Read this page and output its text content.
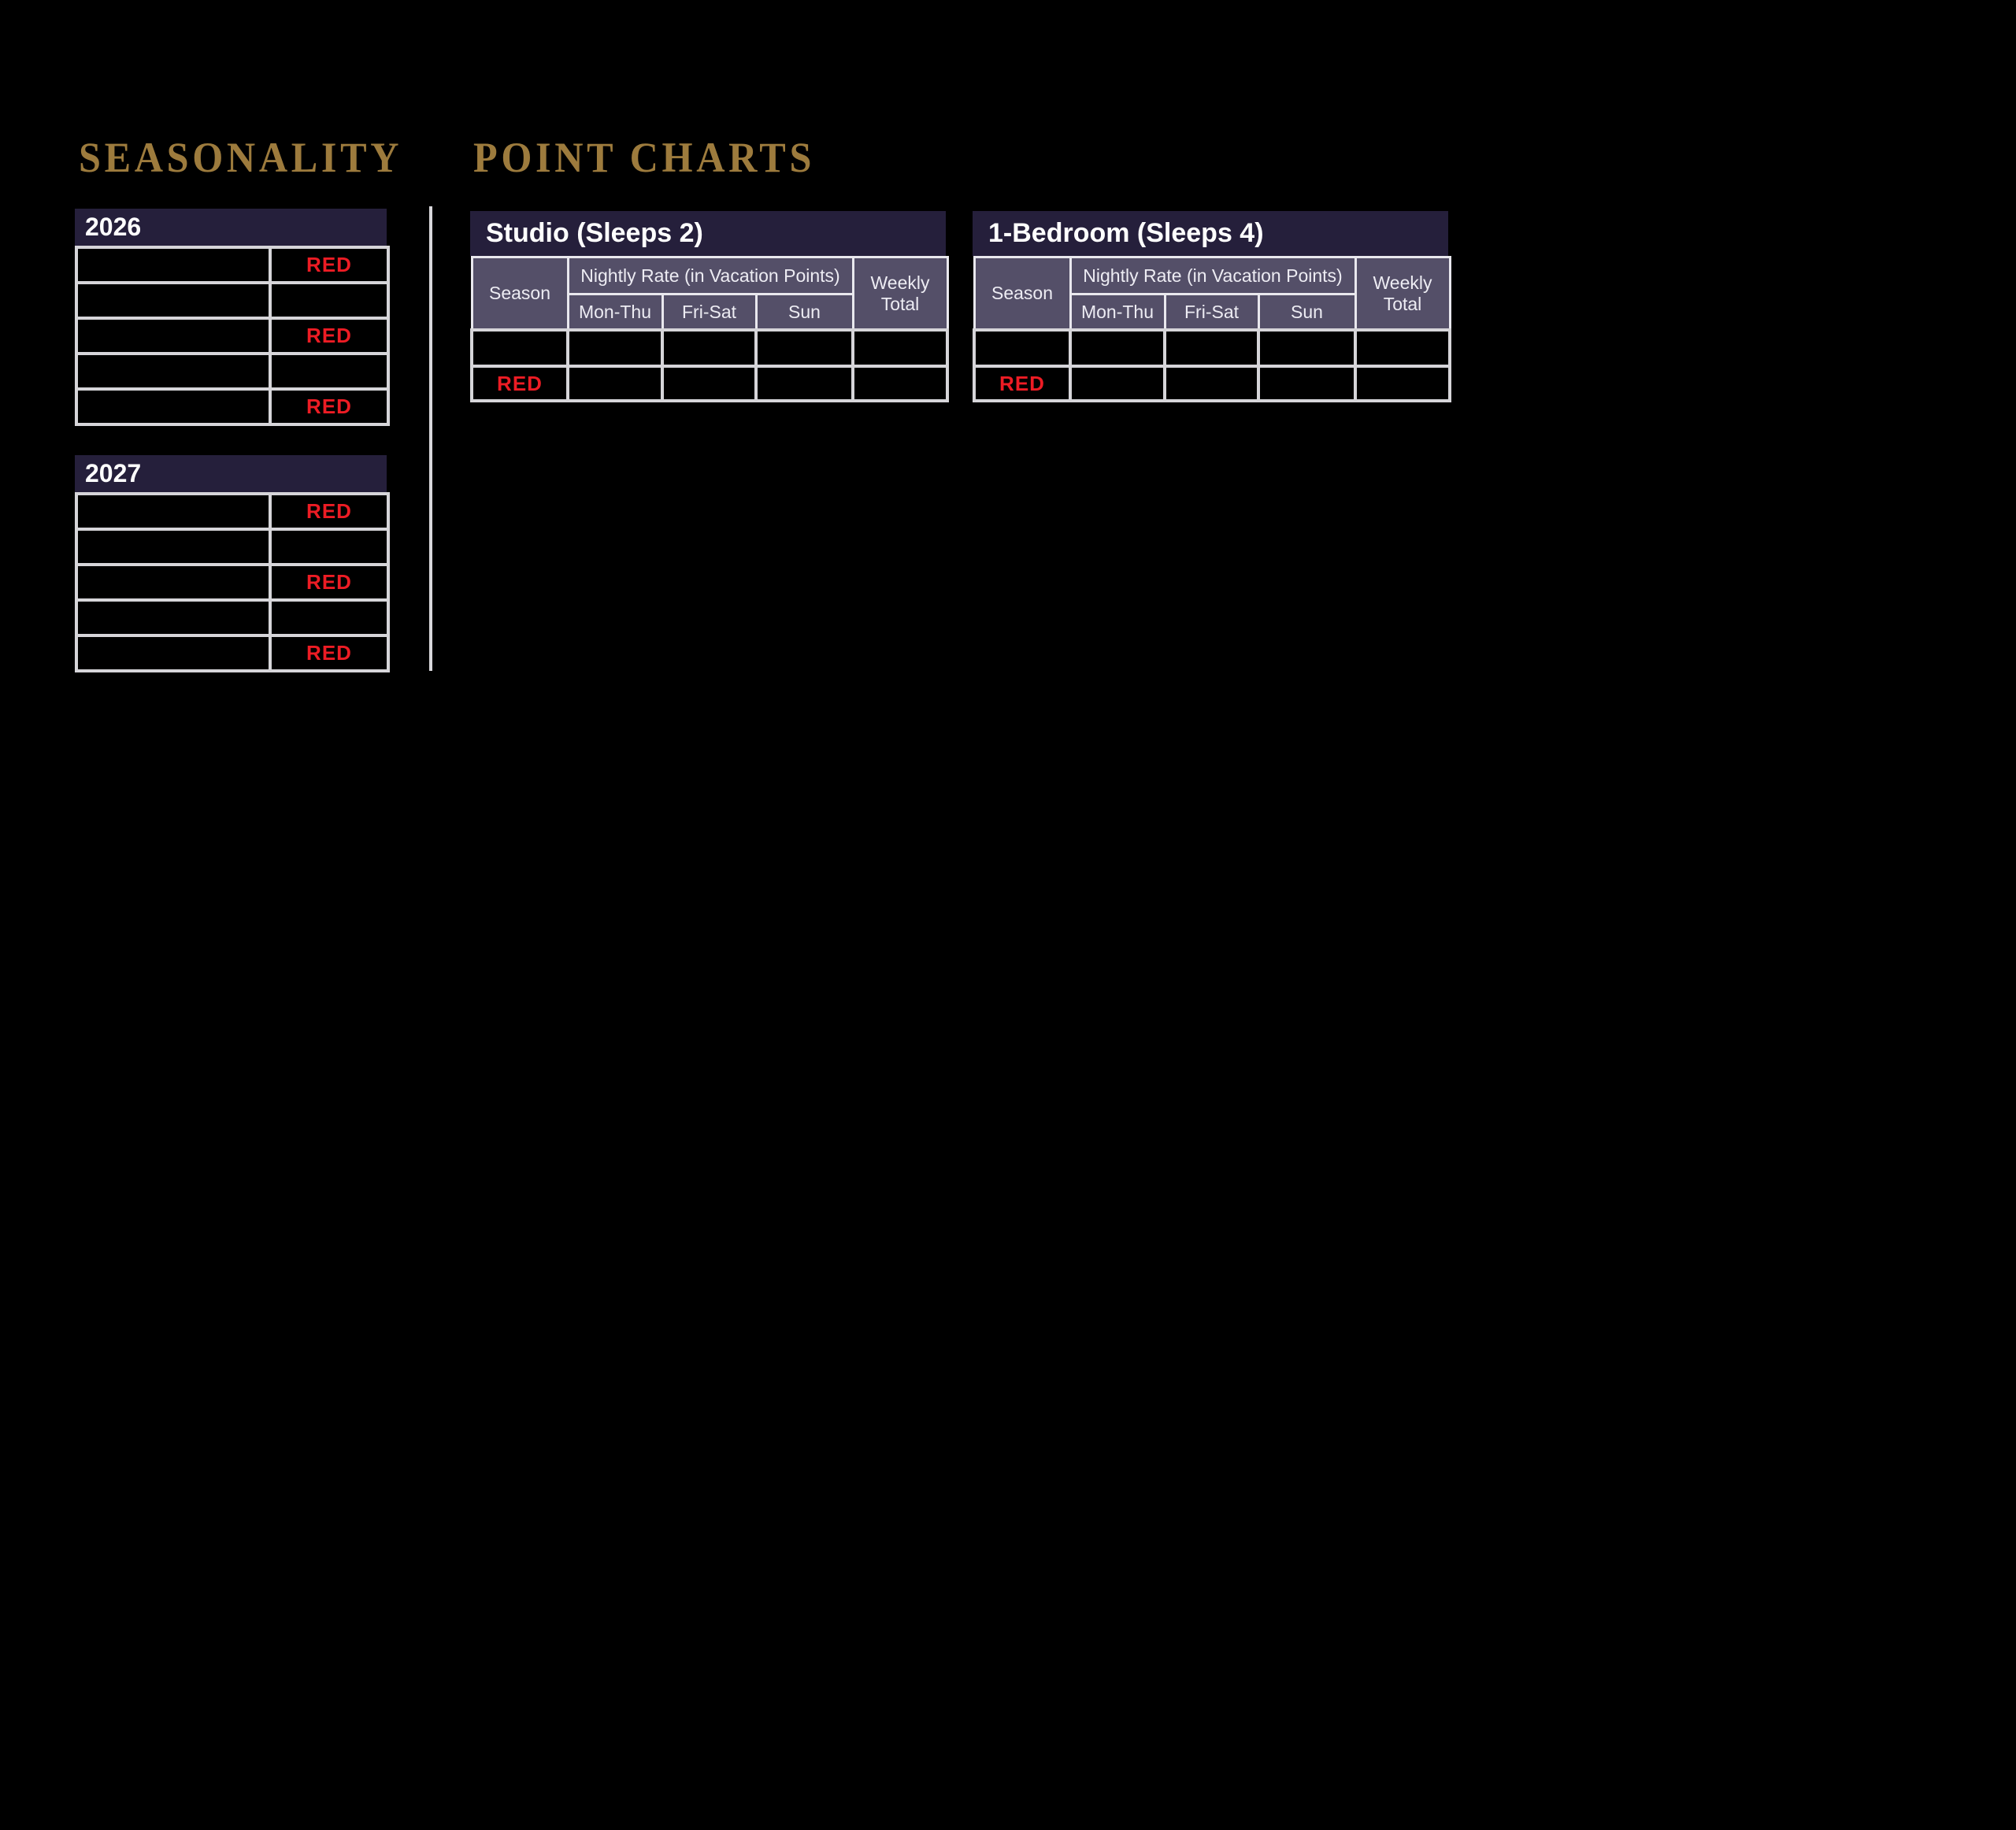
SEASONALITY POINT CHARTS
2026
	RED

	RED

	RED
2027
	RED

	RED

	RED
Studio (Sleeps 2)
Season	Nightly Rate (in Vacation Points)			Weekly Total
	Mon-Thu	Fri-Sat	Sun	

RED				
1-Bedroom (Sleeps 4)
Season	Nightly Rate (in Vacation Points)			Weekly Total
	Mon-Thu	Fri-Sat	Sun	

RED				
